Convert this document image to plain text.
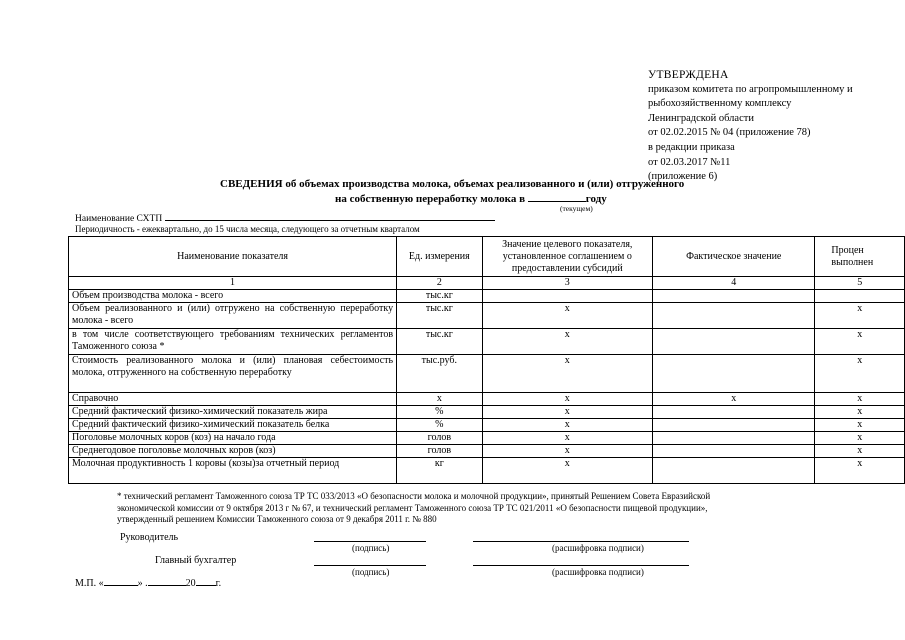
УТВЕРЖДЕНА
приказом комитета по агропромышленному и
рыбохозяйственному комплексу
Ленинградской области
от 02.02.2015 № 04 (приложение 78)
в редакции приказа
от 02.03.2017 №11
(приложение 6)
СВЕДЕНИЯ об объемах производства молока, объемах реализованного и (или) отгруженного
на собственную переработку молока в	году
(текущем)
Наименование СХТП
Периодичность - ежеквартально, до 15 числа месяца, следующего за отчетным кварталом
Наименование показателя	Ед. измерения	Значение целевого показателя, установленное соглашением о предоставлении субсидий	Фактическое значение	Процен
выполнен

1	2	3	4	5
Объем производства молока - всего	тыс.кг			
Объем реализованного и (или) отгружено на собственную переработку молока - всего	тыс.кг	х		х
в том числе соответствующего требованиям технических регламентов Таможенного союза *	тыс.кг	х		х
Стоимость реализованного молока и (или) плановая себестоимость молока, отгруженного на собственную переработку	тыс.руб.	х		х
Справочно	х	х	х	х
Средний фактический физико-химический показатель жира	%	х		х
Средний фактический физико-химический показатель белка	%	х		х
Поголовье молочных коров (коз) на начало года	голов	х		х
Среднегодовое поголовье молочных коров (коз)	голов	х		х
Молочная продуктивность 1 коровы (козы)за отчетный период	кг	х		х
* технический регламент Таможенного союза ТР ТС 033/2013 «О безопасности молока и молочной продукции», принятый Решением Совета Евразийской
экономической комиссии от 9 октября 2013 г № 67, и технический регламент Таможенного союза ТР ТС 021/2011 «О безопасности пищевой продукции»,
утвержденный решением Комиссии Таможенного союза от 9 декабря 2011 г. № 880
Руководитель
(подпись)	(расшифровка подписи)
Главный бухгалтер
(подпись)	(расшифровка подписи)
М.П. «	» .	20 г.
